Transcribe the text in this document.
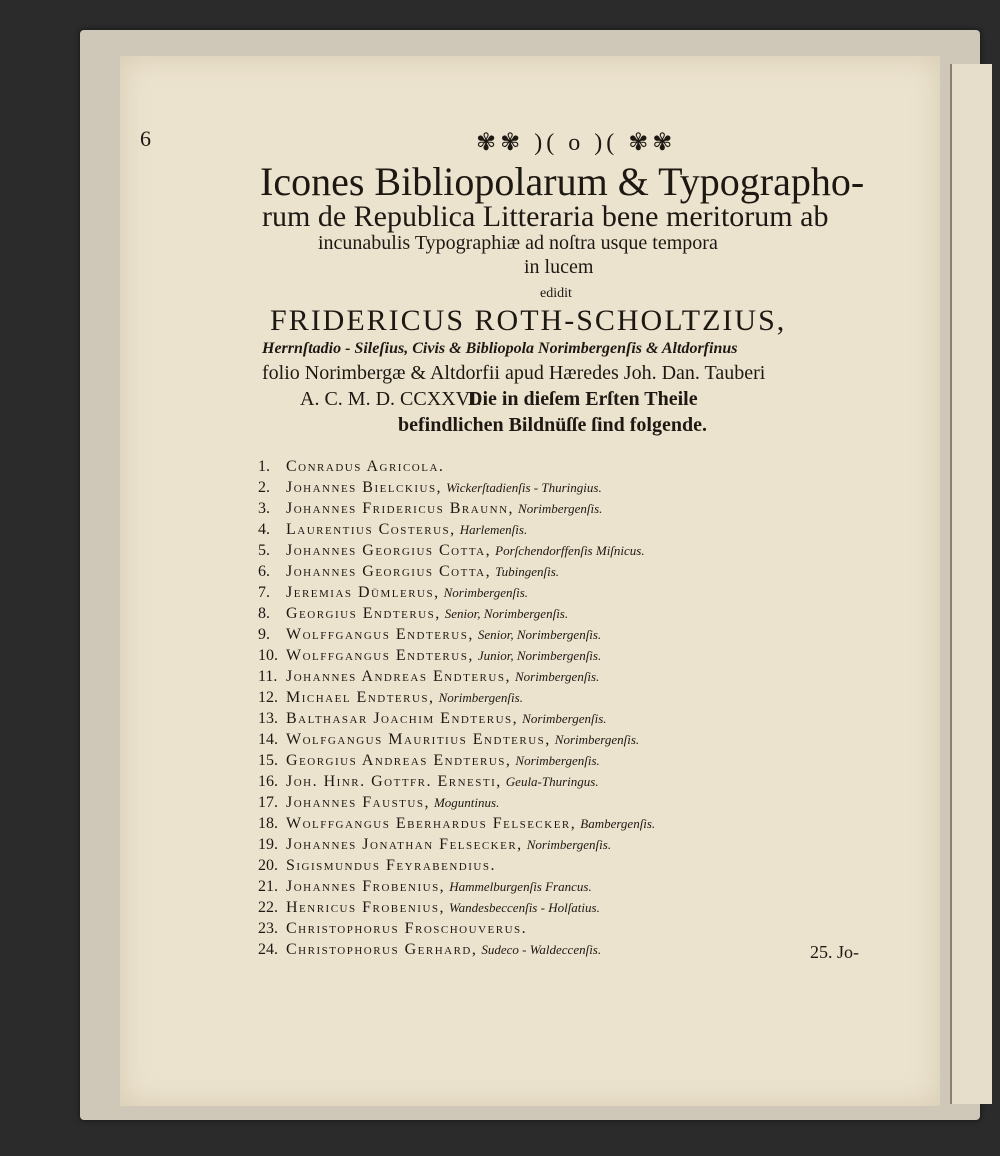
6	✾✾ )( o )( ✾✾
Icones Bibliopolarum & Typographo-
rum de Republica Litteraria bene meritorum ab
incunabulis Typographiæ ad noſtra usque tempora
in lucem
edidit
FRIDERICUS ROTH-SCHOLTZIUS,
Herrnſtadio - Sileſius, Civis & Bibliopola Norimbergenſis & Altdorfinus
folio Norimbergæ & Altdorfii apud Hæredes Joh. Dan. Tauberi
A. C. M. D. CCXXVI.
Die in dieſem Erſten Theile
befindlichen Bildnüſſe ſind folgende.
1. Conradus Agricola.
2. Johannes Bielckius, Wickerſtadienſis - Thuringius.
3. Johannes Fridericus Braunn, Norimbergenſis.
4. Laurentius Costerus, Harlemenſis.
5. Johannes Georgius Cotta, Porſchendorffenſis Miſnicus.
6. Johannes Georgius Cotta, Tubingenſis.
7. Jeremias Dümlerus, Norimbergenſis.
8. Georgius Endterus, Senior, Norimbergenſis.
9. Wolffgangus Endterus, Senior, Norimbergenſis.
10. Wolffgangus Endterus, Junior, Norimbergenſis.
11. Johannes Andreas Endterus, Norimbergenſis.
12. Michael Endterus, Norimbergenſis.
13. Balthasar Joachim Endterus, Norimbergenſis.
14. Wolfgangus Mauritius Endterus, Norimbergenſis.
15. Georgius Andreas Endterus, Norimbergenſis.
16. Joh. Hinr. Gottfr. Ernesti, Geula-Thuringus.
17. Johannes Faustus, Moguntinus.
18. Wolffgangus Eberhardus Felsecker, Bambergenſis.
19. Johannes Jonathan Felsecker, Norimbergenſis.
20. Sigismundus Feyrabendius.
21. Johannes Frobenius, Hammelburgenſis Francus.
22. Henricus Frobenius, Wandesbeccenſis - Holſatius.
23. Christophorus Froschouverus.
24. Christophorus Gerhard, Sudeco - Waldeccenſis.	25. Jo-
